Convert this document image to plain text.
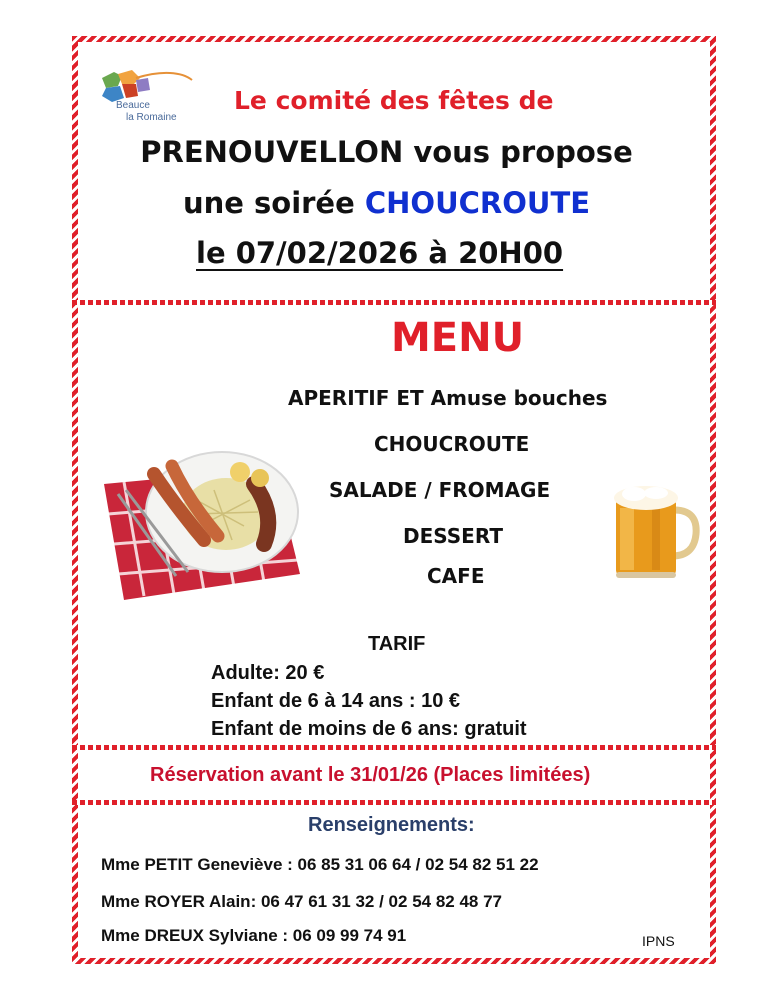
Beauce
la Romaine
Le comité des fêtes de
PRENOUVELLON vous propose
une soirée CHOUCROUTE
le 07/02/2026 à 20H00
MENU
APERITIF ET Amuse bouches
CHOUCROUTE
SALADE / FROMAGE
DESSERT
CAFE
TARIF
Adulte: 20 €
Enfant de 6 à 14 ans : 10 €
Enfant de moins de 6 ans: gratuit
Réservation avant le 31/01/26 (Places limitées)
Renseignements:
Mme PETIT Geneviève : 06 85 31 06 64 / 02 54 82 51 22
Mme ROYER Alain: 06 47 61 31 32 / 02 54 82 48 77
Mme DREUX Sylviane : 06 09 99 74 91	IPNS
